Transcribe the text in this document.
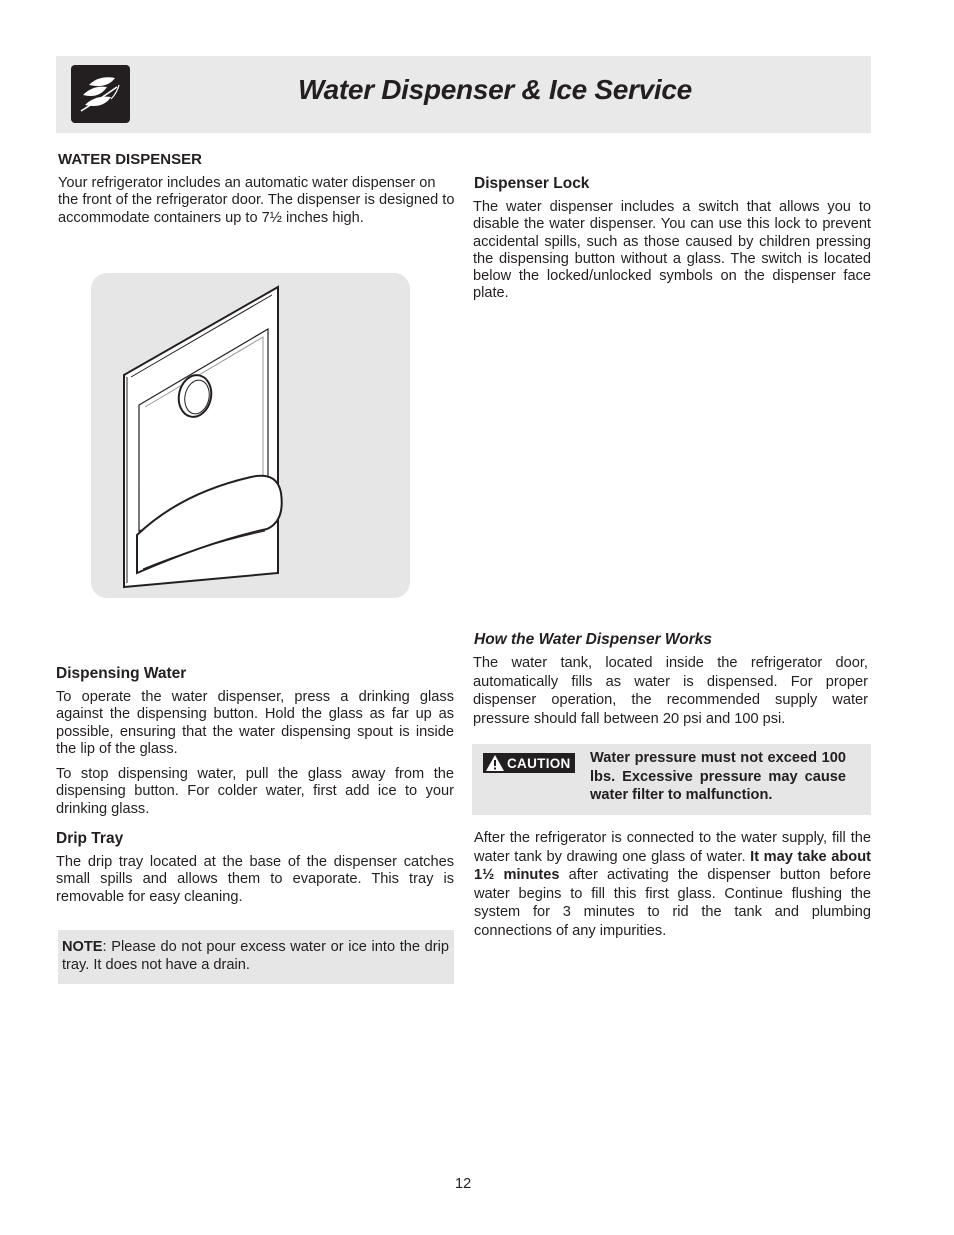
Water Dispenser & Ice Service
WATER DISPENSER
Your refrigerator includes an automatic water dispenser on the front of the refrigerator door. The dispenser is designed to accommodate containers up to 7½ inches high.
Dispensing Water
To operate the water dispenser, press a drinking glass against the dispensing button. Hold the glass as far up as possible, ensuring that the water dispensing spout is inside the lip of the glass.
To stop dispensing water, pull the glass away from the dispensing button. For colder water, first add ice to your drinking glass.
Drip Tray
The drip tray located at the base of the dispenser catches small spills and allows them to evaporate. This tray is removable for easy cleaning.
NOTE: Please do not pour excess water or ice into the drip tray. It does not have a drain.
Dispenser Lock
The water dispenser includes a switch that allows you to disable the water dispenser. You can use this lock to prevent accidental spills, such as those caused by children pressing the dispensing button without a glass. The switch is located below the locked/unlocked symbols on the dispenser face plate.
How the Water Dispenser Works
The water tank, located inside the refrigerator door, automatically fills as water is dispensed. For proper dispenser operation, the recommended supply water pressure should fall between 20 psi and 100 psi.
CAUTION Water pressure must not exceed 100 lbs. Excessive pressure may cause water filter to malfunction.
After the refrigerator is connected to the water supply, fill the water tank by drawing one glass of water. It may take about 1½ minutes after activating the dispenser button before water begins to fill this first glass. Continue flushing the system for 3 minutes to rid the tank and plumbing connections of any impurities.
12
